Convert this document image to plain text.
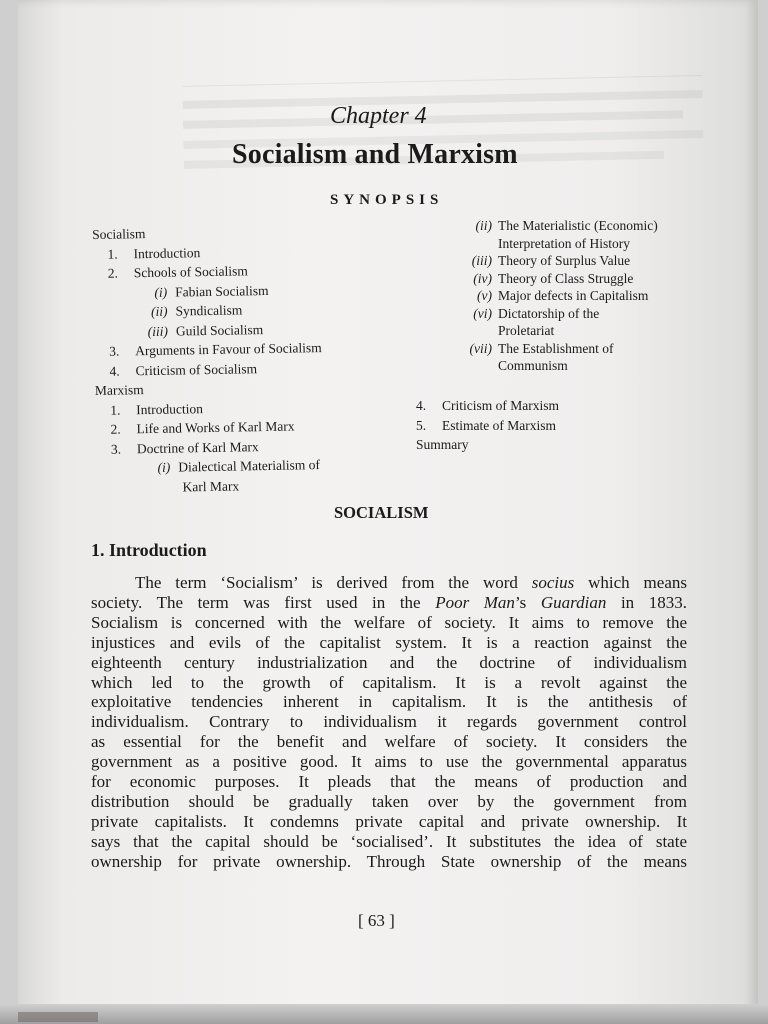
Chapter 4
Socialism and Marxism
SYNOPSIS
Socialism
1.	Introduction
2.	Schools of Socialism
(i) Fabian Socialism
(ii) Syndicalism
(iii) Guild Socialism
3.	Arguments in Favour of Socialism
4.	Criticism of Socialism
Marxism
1.	Introduction
2.	Life and Works of Karl Marx
3.	Doctrine of Karl Marx
(i) Dialectical Materialism of
Karl Marx
(ii) The Materialistic (Economic) Interpretation of History
(iii) Theory of Surplus Value
(iv) Theory of Class Struggle
(v) Major defects in Capitalism
(vi) Dictatorship of the Proletariat
(vii) The Establishment of Communism
4. Criticism of Marxism
5. Estimate of Marxism
Summary
SOCIALISM
1. Introduction
The term ‘Socialism’ is derived from the word socius which means
society. The term was first used in the Poor Man’s Guardian in 1833.
Socialism is concerned with the welfare of society. It aims to remove the
injustices and evils of the capitalist system. It is a reaction against the
eighteenth century industrialization and the doctrine of individualism
which led to the growth of capitalism. It is a revolt against the
exploitative tendencies inherent in capitalism. It is the antithesis of
individualism. Contrary to individualism it regards government control
as essential for the benefit and welfare of society. It considers the
government as a positive good. It aims to use the governmental apparatus
for economic purposes. It pleads that the means of production and
distribution should be gradually taken over by the government from
private capitalists. It condemns private capital and private ownership. It
says that the capital should be ‘socialised’. It substitutes the idea of state
ownership for private ownership. Through State ownership of the means
[ 63 ]
